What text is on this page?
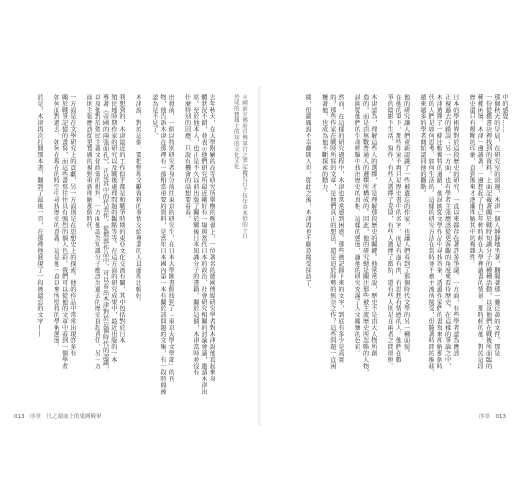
＊國前夕佛府宣傳軍官之筆記據近日十伍年金木拾的十日
於成的寶雜主的知的文化文化
去年秋天，在大學附屬的高等研究所舉辦的晚會上，一位著名的德國傳媒研究學者對木津說他看起來身
體狀況不錯，並表示他們研究所最近剛好有一場與當代日本的政治、社會研究相關的討論會議，邀請木津出
席。至於他本人，也正是不久以前出版了關於戰後日本知識分子的書籍。關於這個，木津當時並沒有
什麼特別的回應，只說有機會的話想要看看。
出發前，一個以特別研究者身分前往東京的研究生，在日本大學圖書館找到了「東京大學文學部」的刊
物，他告訴木津在那裡有一部相當重要的資料，是當年日本國內第一本有關於該問題的文集，有一段時間被
認為是不見了。
木津說，對於這個，要把整理文獻資料的事情交給專業的人員處理比較好。
我想到的，木津最近的工作似乎都是和戰爭時期的東亞文化交流有關，其中包括對於日本
殖民地時期作家的研究以及戰後處理問題的觀點等等。在這方面的研究成果中，最近出版的一本
專著《帝國的兩張面孔》，正是其中的代表作。從那部作品中，可以看出木津對於這個時代的認識，
以及他對於殖民主義文化政策的批判。一方面他認為知識分子應該為過去的歷史負起責任，另一方
面則主張應該從更寬廣的視野重新理解那個時代。
一方面是在文學研究上的貢獻，另一方面則是在思想史上的探索。他的作品中常常出現許多有
關於戰爭記憶的書寫，而這些書寫往往具有強烈的個人色彩。我們可以從他的文章中看到一個學者
如何面對過去，如何在現在的時空中尋找歷史的意義。這是他一直以來所堅持的學術態度。
於是，木津再次打開那本書，翻到了最後一頁，在那裡他發現了一段被遺忘的文字——
013　序章　尺之頭血上的鬼國殿軍
中的感覺……
那個秋天的早晨，在研究室的窗邊，木津一個人靜靜地坐著，翻閱著那一疊泛黃的文件。那是
一份從舊書店裡找到的資料，上面記載著關於戰時知識分子的種種活動，以及他們在戰後所面臨的
種種困境。木津一邊讀著，一邊想起了自己年輕時候在大學裡讀書的情景。那時候的他，對於這段
歷史還只有模糊的印象，直到後來才逐漸理解其中的複雜性。
日本的學術界對於這段歷史的研究，一直以來都存在著許多爭議。一方面，有些學者認為應該
正視過去的錯誤；另一方面，也有學者主張應該從更客觀的角度來看待歷史。在這樣的爭論之中，
木津選擇了一條比較獨特的道路，他試圖從文學作品中尋找答案，透過作家們的書寫來理解那個時
代的人們是如何思考、如何生活的。這樣的研究方法在當時並不被主流所接受，但隨著時間的推移，
越來越多的學者開始認同他的觀點。
他的研究讓人們重新認識了一些被遺忘的作家，也讓人們看到了那個時代文學的另一種面貌。
在他的筆下，那些作家不再只是歷史書中的名字，而是有血有肉、有思想有情感的人。他們在戰
爭的陰影下生活、寫作，有些人選擇了妥協，有些人選擇了抵抗，還有些人則是在兩者之間徘徊。
木津認為，理解這些人的選擇，才是理解那段歷史的關鍵。他常常說，歷史不是由大人物所創
造的，而是由無數普通人的選擇所構成的。因此，他的研究總是關注那些被主流歷史所忽略的人物，
試圖從他們的生命經驗中找出歷史的真相。這樣的態度，讓他的研究充滿了人文關懷的色彩。
然而，在這樣的研究過程中，木津也常常感到困惑。那些被記錄下來的文字，到底有多少是真實
的？那些作家在戰時所寫的文章，是他們真正的想法，還是迫於時勢的無奈之作？這些問題一直困
擾著他，也成為他不斷探索的動力。
閱，但嚴厲說不幸離開人世，從此之後，木津再也不願意接受採訪了。
序章　013
